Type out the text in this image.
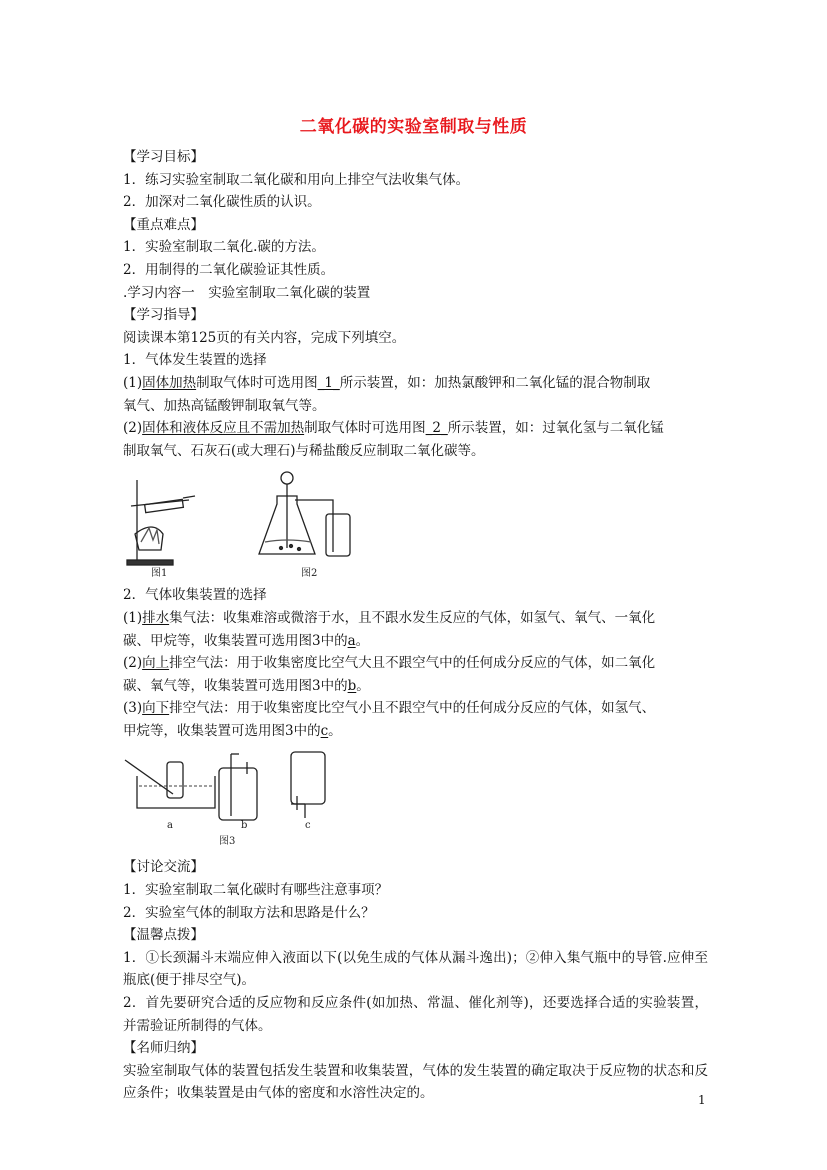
二氧化碳的实验室制取与性质

【学习目标】

1．练习实验室制取二氧化碳和用向上排空气法收集气体。

2．加深对二氧化碳性质的认识。

【重点难点】

1．实验室制取二氧化.碳的方法。

2．用制得的二氧化碳验证其性质。

.学习内容一　实验室制取二氧化碳的装置

【学习指导】

阅读课本第125页的有关内容，完成下列填空。

1．气体发生装置的选择

(1)固体加热制取气体时可选用图_1_所示装置，如：加热氯酸钾和二氧化锰的混合物制取

氧气、加热高锰酸钾制取氧气等。

(2)固体和液体反应且不需加热制取气体时可选用图_2_所示装置，如：过氧化氢与二氧化锰

制取氧气、石灰石(或大理石)与稀盐酸反应制取二氧化碳等。

图1	图2

2．气体收集装置的选择

(1)排水集气法：收集难溶或微溶于水，且不跟水发生反应的气体，如氢气、氧气、一氧化

碳、甲烷等，收集装置可选用图3中的a。

(2)向上排空气法：用于收集密度比空气大且不跟空气中的任何成分反应的气体，如二氧化

碳、氧气等，收集装置可选用图3中的b。

(3)向下排空气法：用于收集密度比空气小且不跟空气中的任何成分反应的气体，如氢气、

甲烷等，收集装置可选用图3中的c。

a	b	c
图3

【讨论交流】

1．实验室制取二氧化碳时有哪些注意事项？

2．实验室气体的制取方法和思路是什么？

【温馨点拨】

1．①长颈漏斗末端应伸入液面以下(以免生成的气体从漏斗逸出)；②伸入集气瓶中的导管.应伸至瓶底(便于排尽空气)。

2．首先要研究合适的反应物和反应条件(如加热、常温、催化剂等)，还要选择合适的实验装置，并需验证所制得的气体。

【名师归纳】

实验室制取气体的装置包括发生装置和收集装置，气体的发生装置的确定取决于反应物的状态和反应条件；收集装置是由气体的密度和水溶性决定的。	1
